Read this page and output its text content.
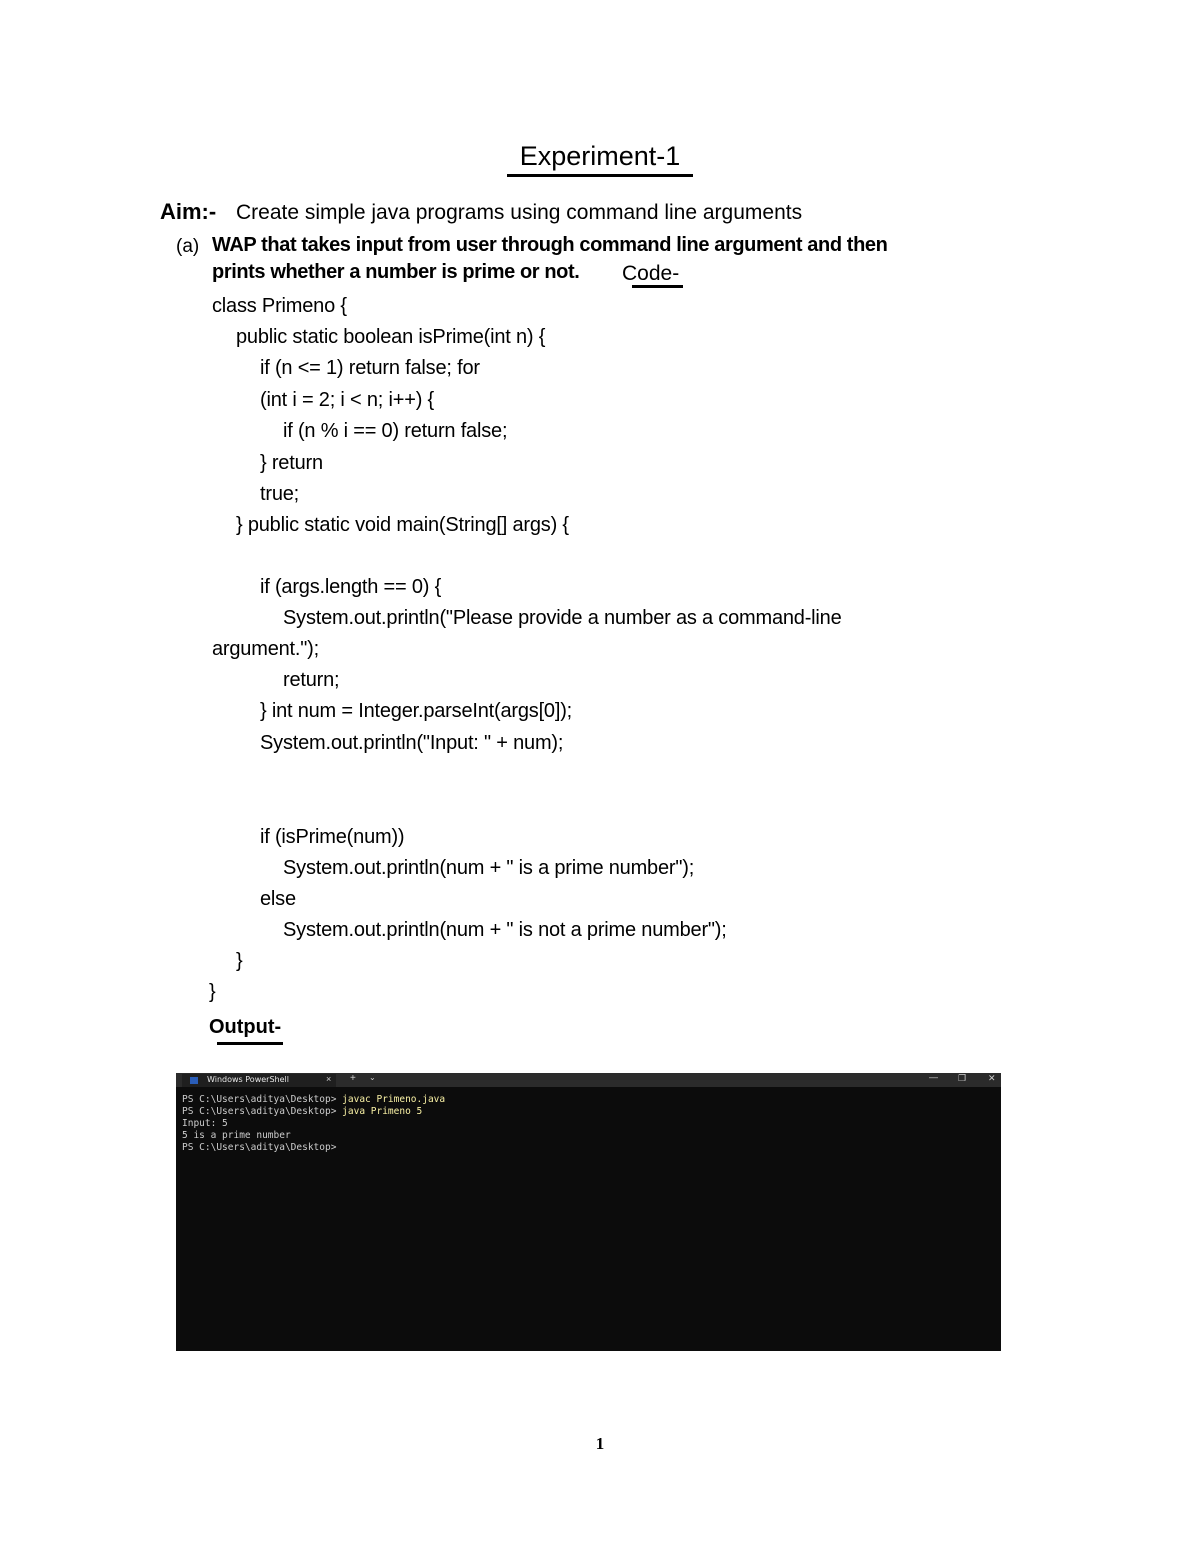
Experiment-1
Aim:- Create simple java programs using command line arguments
(a) WAP that takes input from user through command line argument and then
prints whether a number is prime or not. Code-
class Primeno {
public static boolean isPrime(int n) {
if (n <= 1) return false; for
(int i = 2; i < n; i++) {
if (n % i == 0) return false;
} return
true;
} public static void main(String[] args) {
if (args.length == 0) {
System.out.println("Please provide a number as a command-line
argument.");
return;
} int num = Integer.parseInt(args[0]);
System.out.println("Input: " + num);
if (isPrime(num))
System.out.println(num + " is a prime number");
else
System.out.println(num + " is not a prime number");
}
}
Output-
Windows PowerShell	× + ⌄	— ❐ ✕
PS C:\Users\aditya\Desktop> javac Primeno.java
PS C:\Users\aditya\Desktop> java Primeno 5
Input: 5
5 is a prime number
PS C:\Users\aditya\Desktop>
1
